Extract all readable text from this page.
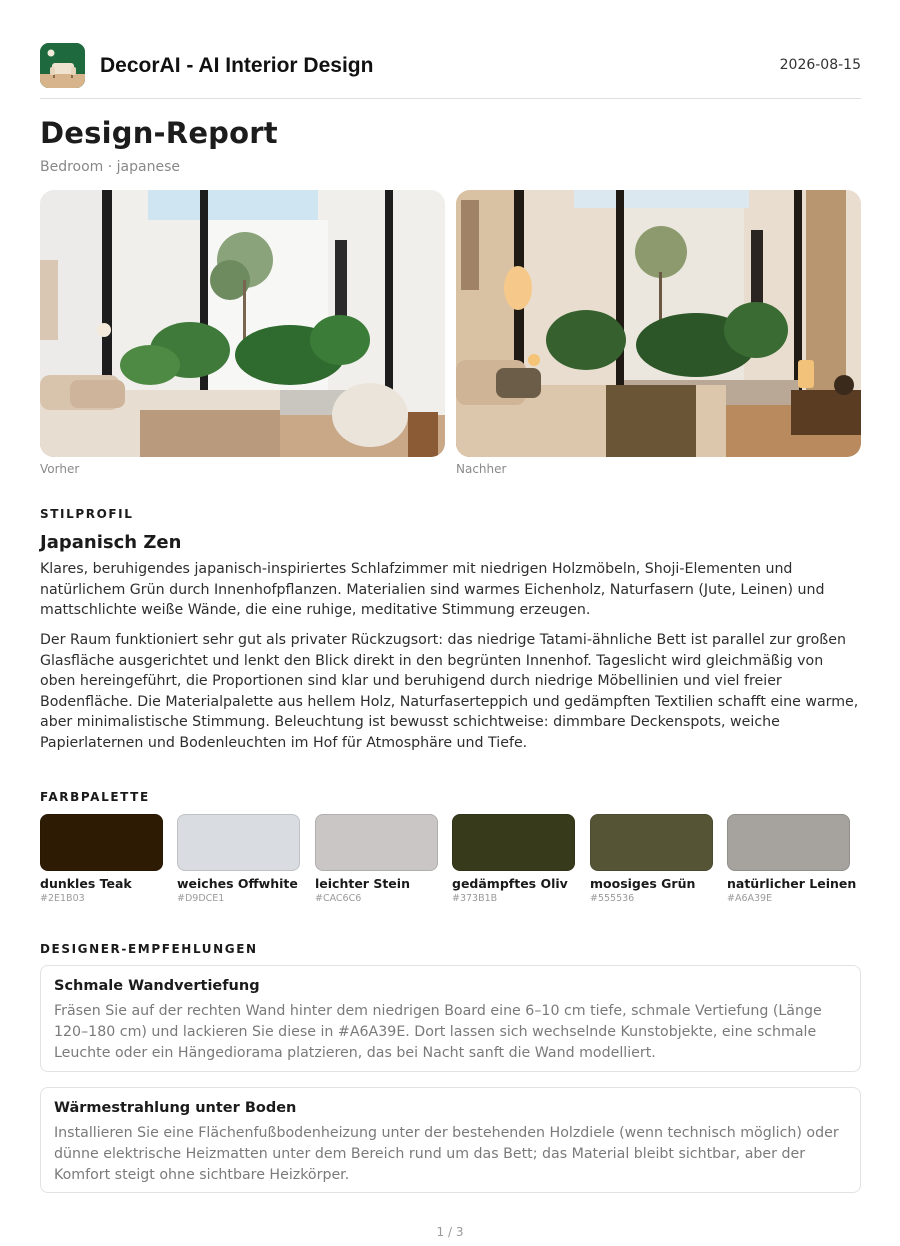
DecorAI - AI Interior Design	2026-08-15
Design-Report
Bedroom · japanese
Vorher	Nachher
STILPROFIL
Japanisch Zen
Klares, beruhigendes japanisch-inspiriertes Schlafzimmer mit niedrigen Holzmöbeln, Shoji-Elementen und natürlichem Grün durch Innenhofpflanzen. Materialien sind warmes Eichenholz, Naturfasern (Jute, Leinen) und mattschlichte weiße Wände, die eine ruhige, meditative Stimmung erzeugen.
Der Raum funktioniert sehr gut als privater Rückzugsort: das niedrige Tatami-ähnliche Bett ist parallel zur großen Glasfläche ausgerichtet und lenkt den Blick direkt in den begrünten Innenhof. Tageslicht wird gleichmäßig von oben hereingeführt, die Proportionen sind klar und beruhigend durch niedrige Möbellinien und viel freier Bodenfläche. Die Materialpalette aus hellem Holz, Naturfaserteppich und gedämpften Textilien schafft eine warme, aber minimalistische Stimmung. Beleuchtung ist bewusst schichtweise: dimmbare Deckenspots, weiche Papierlaternen und Bodenleuchten im Hof für Atmosphäre und Tiefe.
FARBPALETTE
dunkles Teak
#2E1B03
weiches Offwhite
#D9DCE1
leichter Stein
#CAC6C6
gedämpftes Oliv
#373B1B
moosiges Grün
#555536
natürlicher Leinen
#A6A39E
DESIGNER-EMPFEHLUNGEN
Schmale Wandvertiefung
Fräsen Sie auf der rechten Wand hinter dem niedrigen Board eine 6–10 cm tiefe, schmale Vertiefung (Länge 120–180 cm) und lackieren Sie diese in #A6A39E. Dort lassen sich wechselnde Kunstobjekte, eine schmale Leuchte oder ein Hängediorama platzieren, das bei Nacht sanft die Wand modelliert.
Wärmestrahlung unter Boden
Installieren Sie eine Flächenfußbodenheizung unter der bestehenden Holzdiele (wenn technisch möglich) oder dünne elektrische Heizmatten unter dem Bereich rund um das Bett; das Material bleibt sichtbar, aber der Komfort steigt ohne sichtbare Heizkörper.
1 / 3
